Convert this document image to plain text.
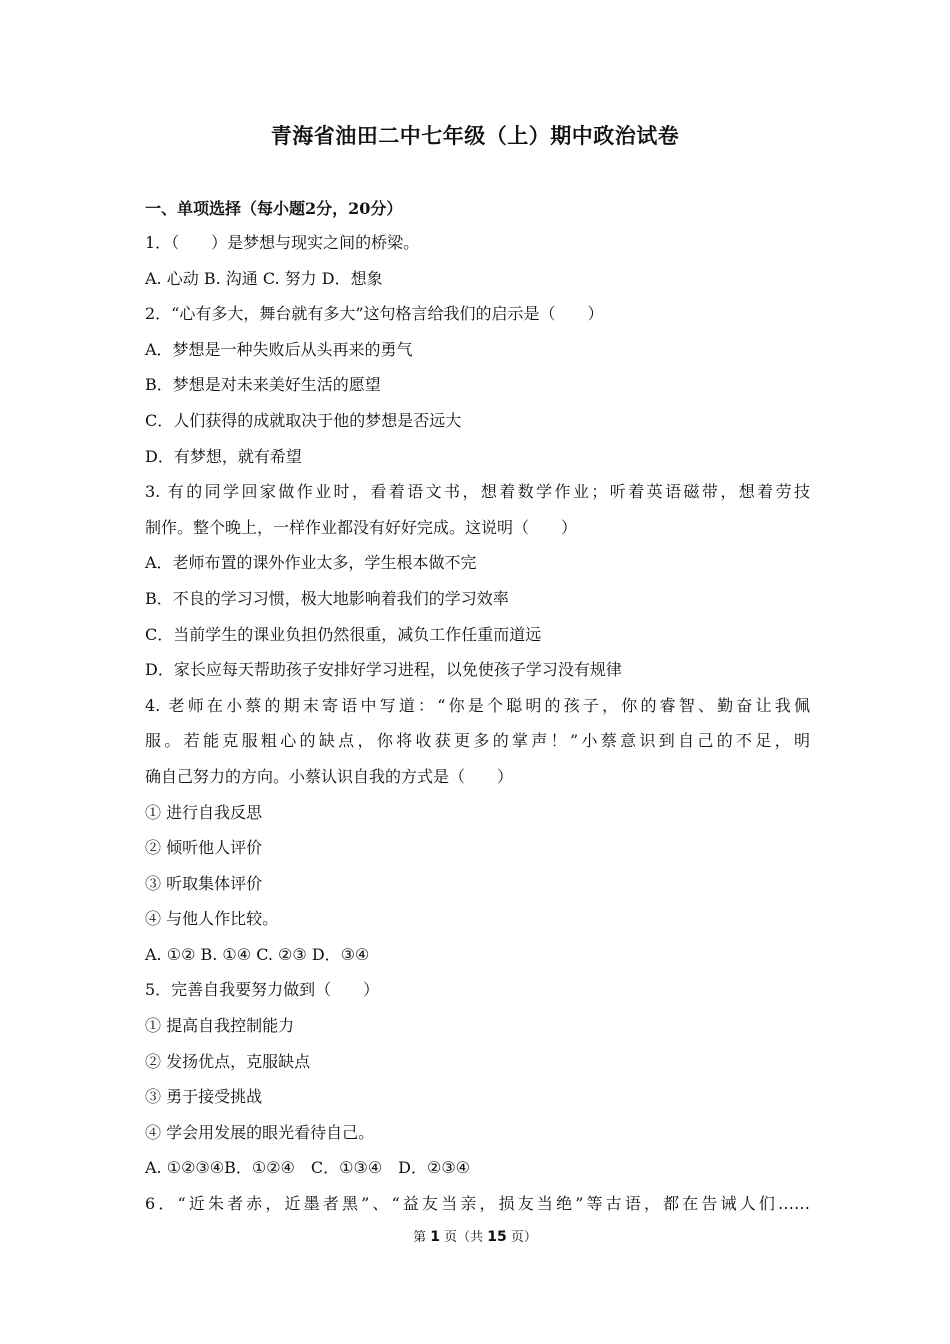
青海省油田二中七年级（上）期中政治试卷
一、单项选择（每小题2分，20分）
1．（　　）是梦想与现实之间的桥梁。
A. 心动 B. 沟通 C. 努力 D．想象
2．“心有多大，舞台就有多大”这句格言给我们的启示是（　　）
A．梦想是一种失败后从头再来的勇气
B．梦想是对未来美好生活的愿望
C．人们获得的成就取决于他的梦想是否远大
D．有梦想，就有希望
3. 有的同学回家做作业时，看着语文书，想着数学作业；听着英语磁带，想着劳技
制作。整个晚上，一样作业都没有好好完成。这说明（　　）
A．老师布置的课外作业太多，学生根本做不完
B．不良的学习习惯，极大地影响着我们的学习效率
C．当前学生的课业负担仍然很重，减负工作任重而道远
D．家长应每天帮助孩子安排好学习进程，以免使孩子学习没有规律
4. 老师在小蔡的期末寄语中写道：“你是个聪明的孩子，你的睿智、勤奋让我佩
服。若能克服粗心的缺点，你将收获更多的掌声！”小蔡意识到自己的不足，明
确自己努力的方向。小蔡认识自我的方式是（　　）
① 进行自我反思
② 倾听他人评价
③ 听取集体评价
④ 与他人作比较。
A. ①② B. ①④ C. ②③ D．③④
5．完善自我要努力做到（　　）
① 提高自我控制能力
② 发扬优点，克服缺点
③ 勇于接受挑战
④ 学会用发展的眼光看待自己。
A. ①②③④B．①②④　C．①③④　D．②③④
6．“近朱者赤，近墨者黑”、“益友当亲，损友当绝”等古语，都在告诫人们……
第 1 页（共 15 页）
